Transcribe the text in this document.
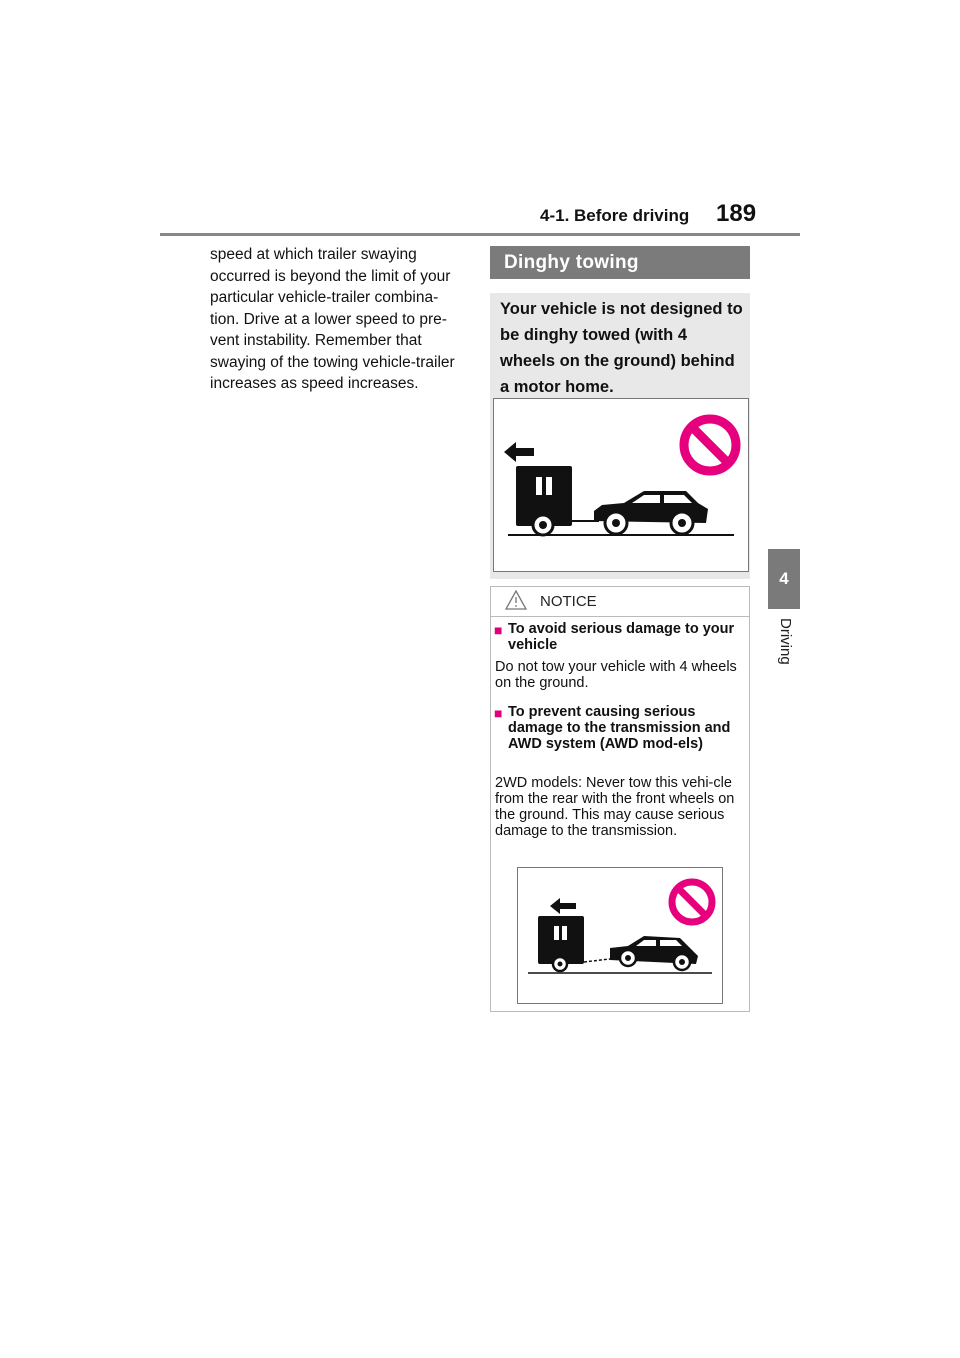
4-1. Before driving 189
4
Driving
speed at which trailer swaying occurred is beyond the limit of your particular vehicle-trailer combina-tion. Drive at a lower speed to pre-vent instability. Remember that swaying of the towing vehicle-trailer increases as speed increases.
Dinghy towing
Your vehicle is not designed to be dinghy towed (with 4 wheels on the ground) behind a motor home.
NOTICE
■ To avoid serious damage to your vehicle
Do not tow your vehicle with 4 wheels on the ground.
■ To prevent causing serious damage to the transmission and AWD system (AWD mod-els)
2WD models: Never tow this vehi-cle from the rear with the front wheels on the ground. This may cause serious damage to the transmission.
